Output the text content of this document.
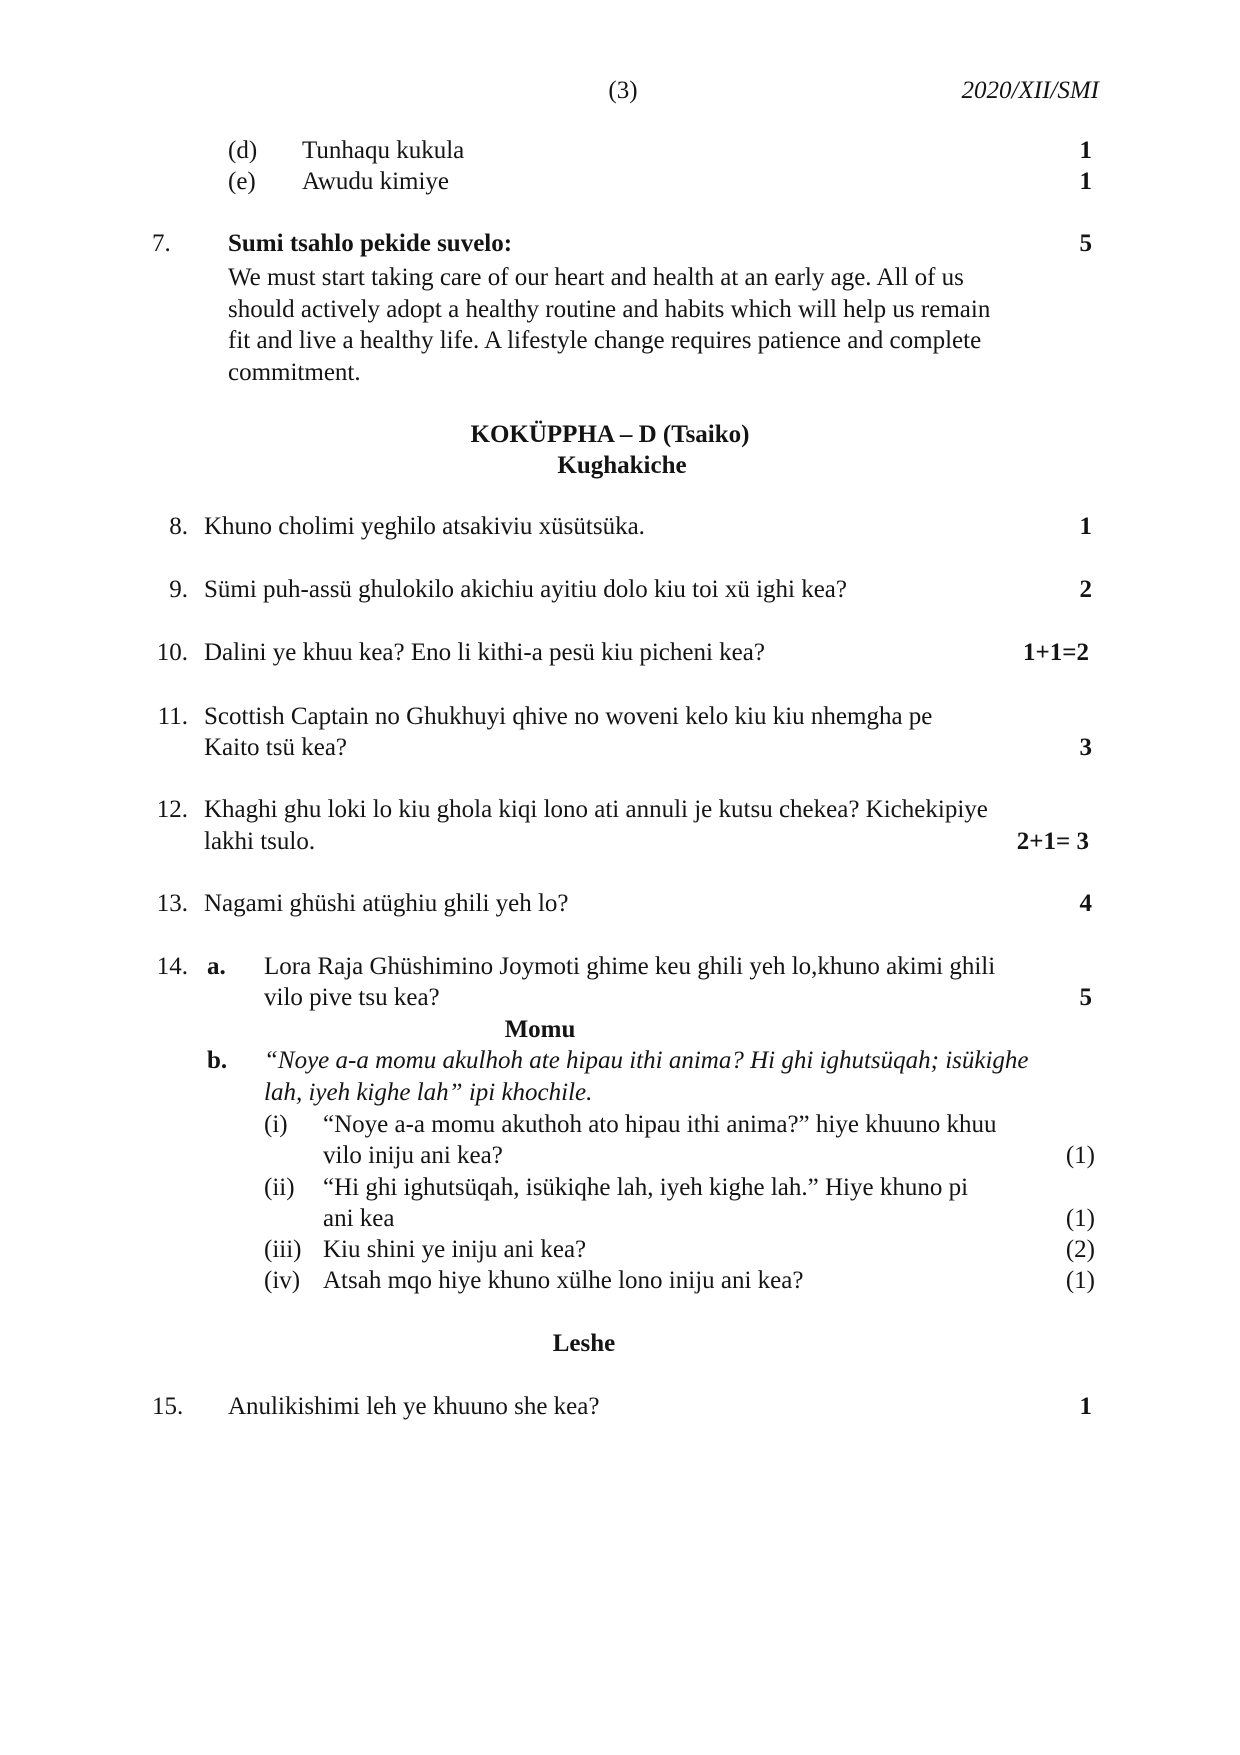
(3)	2020/XII/SMI
(d) Tunhaqu kukula	1
(e) Awudu kimiye	1
7. Sumi tsahlo pekide suvelo:	5
We must start taking care of our heart and health at an early age. All of us
should actively adopt a healthy routine and habits which will help us remain
fit and live a healthy life. A lifestyle change requires patience and complete
commitment.
KOKÜPPHA – D (Tsaiko)
Kughakiche
8. Khuno cholimi yeghilo atsakiviu xüsütsüka.	1
9. Sümi puh-assü ghulokilo akichiu ayitiu dolo kiu toi xü ighi kea?	2
10. Dalini ye khuu kea? Eno li kithi-a pesü kiu picheni kea?	1+1=2
11. Scottish Captain no Ghukhuyi qhive no woveni kelo kiu kiu nhemgha pe
Kaito tsü kea?	3
12. Khaghi ghu loki lo kiu ghola kiqi lono ati annuli je kutsu chekea? Kichekipiye
lakhi tsulo.	2+1= 3
13. Nagami ghüshi atüghiu ghili yeh lo?	4
14. a. Lora Raja Ghüshimino Joymoti ghime keu ghili yeh lo,khuno akimi ghili
vilo pive tsu kea?	5
Momu
b. “Noye a-a momu akulhoh ate hipau ithi anima? Hi ghi ighutsüqah; isükighe
lah, iyeh kighe lah” ipi khochile.
(i) “Noye a-a momu akuthoh ato hipau ithi anima?” hiye khuuno khuu
vilo iniju ani kea?	(1)
(ii) “Hi ghi ighutsüqah, isükiqhe lah, iyeh kighe lah.” Hiye khuno pi
ani kea	(1)
(iii) Kiu shini ye iniju ani kea?	(2)
(iv) Atsah mqo hiye khuno xülhe lono iniju ani kea?	(1)
Leshe
15. Anulikishimi leh ye khuuno she kea?	1
